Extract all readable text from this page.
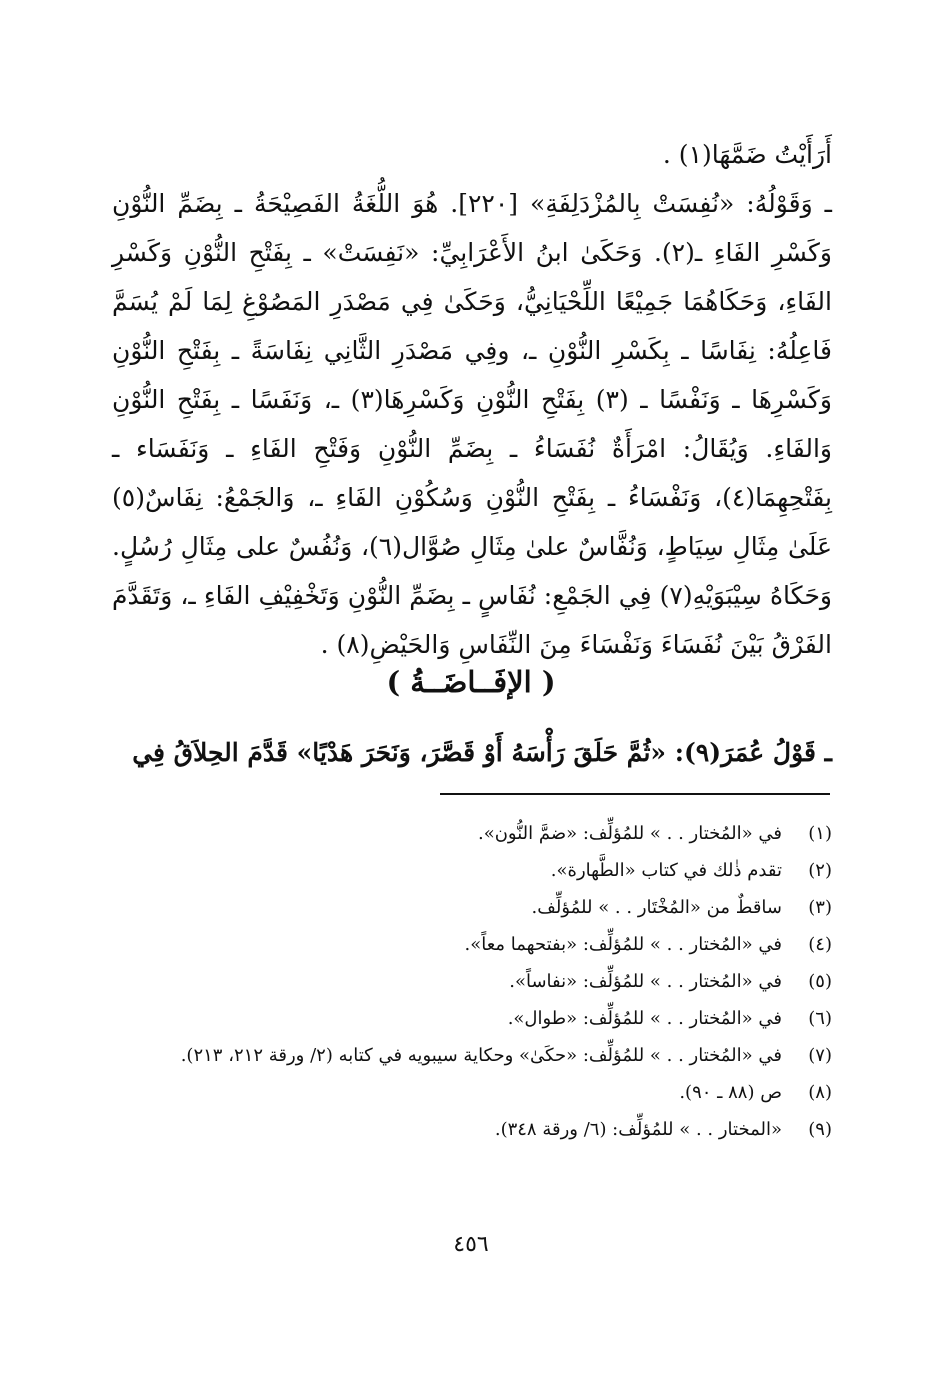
أَرَأَيْتُ ضَمَّهَا(١) .

ـ وَقَوْلُهُ: «نُفِسَتْ بِالمُزْدَلِفَةِ» [٢٢٠]. هُوَ اللُّغَةُ الفَصِيْحَةُ ـ بِضَمِّ النُّوْنِ وَكَسْرِ الفَاءِ ـ(٢). وَحَكَىٰ ابنُ الأَعْرَابِيِّ: «نَفِسَتْ» ـ بِفَتْحِ النُّوْنِ وَكَسْرِ الفَاءِ، وَحَكَاهُمَا جَمِيْعًا اللِّحْيَانِيُّ، وَحَكَىٰ فِي مَصْدَرِ المَصُوْغِ لِمَا لَمْ يُسَمَّ فَاعِلُهُ: نِفَاسًا ـ بِكَسْرِ النُّوْنِ ـ، وفِي مَصْدَرِ الثَّانِي نِفَاسَةً ـ بِفَتْحِ النُّوْنِ وَكَسْرِهَا ـ وَنَفْسًا ـ (٣) بِفَتْحِ النُّوْنِ وَكَسْرِهَا(٣) ـ، وَنَفَسًا ـ بِفَتْحِ النُّوْنِ وَالفَاءِ. وَيُقَالُ: امْرَأَةٌ نُفَسَاءُ ـ بِضَمِّ النُّوْنِ وَفَتْحِ الفَاءِ ـ وَنَفَسَاء ـ بِفَتْحِهِمَا(٤)، وَنَفْسَاءُ ـ بِفَتْحِ النُّوْنِ وَسُكُوْنِ الفَاءِ ـ، وَالجَمْعُ: نِفَاسٌ(٥) عَلَىٰ مِثَالِ سِيَاطٍ، وَنُفَّاسٌ علىٰ مِثَالِ صُوَّال(٦)، وَنُفُسٌ على مِثَالِ رُسُلٍ. وَحَكَاهُ سِيْبَوَيْهِ(٧) فِي الجَمْعِ: نُفَاسٍ ـ بِضَمِّ النُّوْنِ وَتَخْفِيْفِ الفَاءِ ـ، وَتَقَدَّمَ الفَرْقُ بَيْنَ نُفَسَاءَ وَنَفْسَاءَ مِنَ النِّفَاسِ وَالحَيْضِ(٨) .

( الإفَــاضَــةُ )
ـ قَوْلُ عُمَرَ(٩): «ثُمَّ حَلَقَ رَأْسَهُ أَوْ قَصَّرَ، وَنَحَرَ هَدْيًا» قَدَّمَ الحِلاَقُ فِي
(١)
في «المُختار . . » للمُؤلِّف: «ضمَّ النُّون».
(٢)
تقدم ذٰلك في كتاب «الطَّهارة».
(٣)
ساقطٌ من «المُخْتَار . . » للمُؤلِّف.
(٤)
في «المُختار . . » للمُؤلِّف: «بفتحهما معاً».
(٥)
في «المُختار . . » للمُؤلِّف: «نفاساً».
(٦)
في «المُختار . . » للمُؤلِّف: «طوال».
(٧)
في «المُختار . . » للمُؤلِّف: «حكَىٰ» وحكاية سيبويه في كتابه (٢/ ورقة ٢١٢، ٢١٣).
(٨)
ص (٨٨ ـ ٩٠).
(٩)
«المختار . . » للمُؤلِّف: (٦/ ورقة ٣٤٨).
٤٥٦
